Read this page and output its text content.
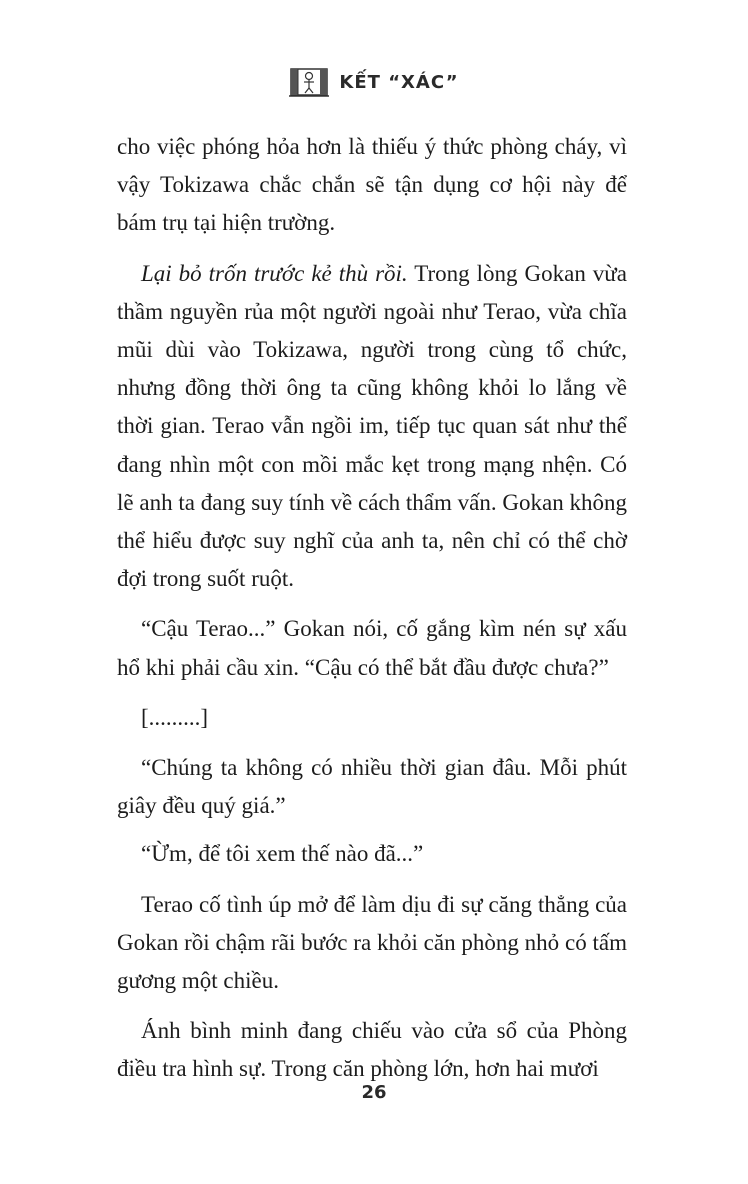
KẾT “XÁC”

cho việc phóng hỏa hơn là thiếu ý thức phòng cháy, vì vậy Tokizawa chắc chắn sẽ tận dụng cơ hội này để bám trụ tại hiện trường.

Lại bỏ trốn trước kẻ thù rồi. Trong lòng Gokan vừa thầm nguyền rủa một người ngoài như Terao, vừa chĩa mũi dùi vào Tokizawa, người trong cùng tổ chức, nhưng đồng thời ông ta cũng không khỏi lo lắng về thời gian. Terao vẫn ngồi im, tiếp tục quan sát như thể đang nhìn một con mồi mắc kẹt trong mạng nhện. Có lẽ anh ta đang suy tính về cách thẩm vấn. Gokan không thể hiểu được suy nghĩ của anh ta, nên chỉ có thể chờ đợi trong suốt ruột.

“Cậu Terao...” Gokan nói, cố gắng kìm nén sự xấu hổ khi phải cầu xin. “Cậu có thể bắt đầu được chưa?”

[.........]

“Chúng ta không có nhiều thời gian đâu. Mỗi phút giây đều quý giá.”

“Ừm, để tôi xem thế nào đã...”

Terao cố tình úp mở để làm dịu đi sự căng thẳng của Gokan rồi chậm rãi bước ra khỏi căn phòng nhỏ có tấm gương một chiều.

Ánh bình minh đang chiếu vào cửa sổ của Phòng điều tra hình sự. Trong căn phòng lớn, hơn hai mươi

26
